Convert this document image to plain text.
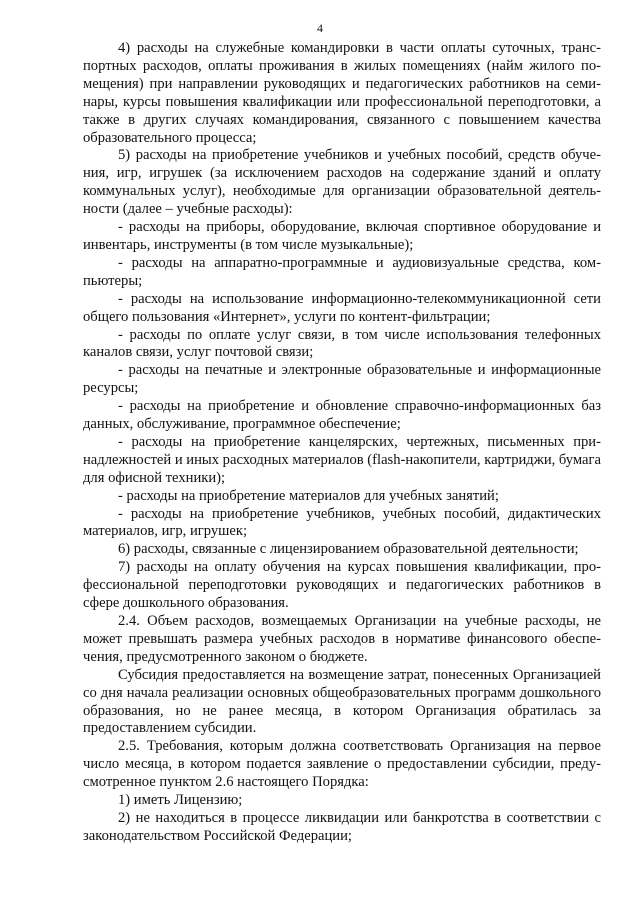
4

4) расходы на служебные командировки в части оплаты суточных, транспортных расходов, оплаты проживания в жилых помещениях (найм жилого помещения) при направлении руководящих и педагогических работников на семинары, курсы повышения квалификации или профессиональной переподготовки, а также в других случаях командирования, связанного с повышением качества образовательного процесса;

5) расходы на приобретение учебников и учебных пособий, средств обучения, игр, игрушек (за исключением расходов на содержание зданий и оплату коммунальных услуг), необходимые для организации образовательной деятельности (далее – учебные расходы):

- расходы на приборы, оборудование, включая спортивное оборудование и инвентарь, инструменты (в том числе музыкальные);

- расходы на аппаратно-программные и аудиовизуальные средства, компьютеры;

- расходы на использование информационно-телекоммуникационной сети общего пользования «Интернет», услуги по контент-фильтрации;

- расходы по оплате услуг связи, в том числе использования телефонных каналов связи, услуг почтовой связи;

- расходы на печатные и электронные образовательные и информационные ресурсы;

- расходы на приобретение и обновление справочно-информационных баз данных, обслуживание, программное обеспечение;

- расходы на приобретение канцелярских, чертежных, письменных принадлежностей и иных расходных материалов (flash-накопители, картриджи, бумага для офисной техники);

- расходы на приобретение материалов для учебных занятий;

- расходы на приобретение учебников, учебных пособий, дидактических материалов, игр, игрушек;

6) расходы, связанные с лицензированием образовательной деятельности;

7) расходы на оплату обучения на курсах повышения квалификации, профессиональной переподготовки руководящих и педагогических работников в сфере дошкольного образования.

2.4. Объем расходов, возмещаемых Организации на учебные расходы, не может превышать размера учебных расходов в нормативе финансового обеспечения, предусмотренного законом о бюджете.

Субсидия предоставляется на возмещение затрат, понесенных Организацией со дня начала реализации основных общеобразовательных программ дошкольного образования, но не ранее месяца, в котором Организация обратилась за предоставлением субсидии.

2.5. Требования, которым должна соответствовать Организация на первое число месяца, в котором подается заявление о предоставлении субсидии, предусмотренное пунктом 2.6 настоящего Порядка:

1) иметь Лицензию;

2) не находиться в процессе ликвидации или банкротства в соответствии с законодательством Российской Федерации;
